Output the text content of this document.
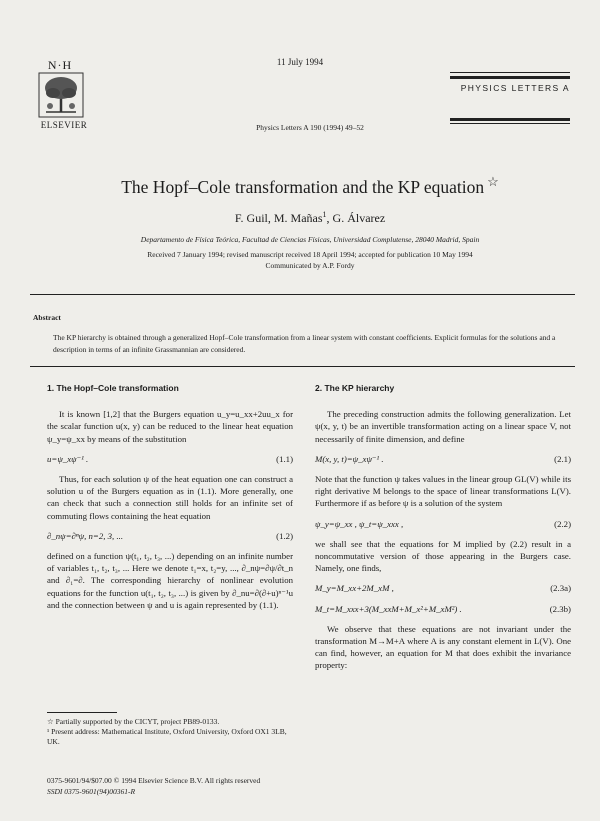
N·H
ELSEVIER
11 July 1994
PHYSICS LETTERS A
Physics Letters A 190 (1994) 49–52
The Hopf–Cole transformation and the KP equation ☆
F. Guil, M. Mañas$^1$, G. Álvarez
Departamento de Física Teórica, Facultad de Ciencias Físicas, Universidad Complutense, 28040 Madrid, Spain
Received 7 January 1994; revised manuscript received 18 April 1994; accepted for publication 10 May 1994
Communicated by A.P. Fordy
Abstract
The KP hierarchy is obtained through a generalized Hopf–Cole transformation from a linear system with constant coefficients. Explicit formulas for the solutions and a description in terms of an infinite Grassmannian are considered.
1. The Hopf–Cole transformation

It is known [1,2] that the Burgers equation u_y=u_xx+2uu_x for the scalar function u(x, y) can be reduced to the linear heat equation ψ_y=ψ_xx by means of the substitution

u=ψ_xψ⁻¹ .	(1.1)

Thus, for each solution ψ of the heat equation one can construct a solution u of the Burgers equation as in (1.1). More generally, one can check that such a connection still holds for an infinite set of commuting flows containing the heat equation

∂_nψ=∂ⁿψ, n=2, 3, ...	(1.2)

defined on a function ψ(t₁, t₂, t₃, ...) depending on an infinite number of variables t₁, t₂, t₃, ... Here we denote t₁=x, t₂=y, ..., ∂_nψ=∂ψ/∂t_n and ∂₁=∂. The corresponding hierarchy of nonlinear evolution equations for the function u(t₁, t₂, t₃, ...) is given by ∂_nu=∂(∂+u)ⁿ⁻¹u and the connection between ψ and u is again represented by (1.1).

☆ Partially supported by the CICYT, project PB89-0133.
¹ Present address: Mathematical Institute, Oxford University, Oxford OX1 3LB, UK.
0375-9601/94/$07.00 © 1994 Elsevier Science B.V. All rights reserved
SSDI 0375-9601(94)00361-R
2. The KP hierarchy

The preceding construction admits the following generalization. Let ψ(x, y, t) be an invertible transformation acting on a linear space V, not necessarily of finite dimension, and define

M(x, y, t)=ψ_xψ⁻¹ .	(2.1)

Note that the function ψ takes values in the linear group GL(V) while its right derivative M belongs to the space of linear transformations L(V). Furthermore if as before ψ is a solution of the system

ψ_y=ψ_xx , ψ_t=ψ_xxx ,	(2.2)

we shall see that the equations for M implied by (2.2) result in a noncommutative version of those appearing in the Burgers case. Namely, one finds,

M_y=M_xx+2M_xM ,	(2.3a)
M_t=M_xxx+3(M_xxM+M_x²+M_xM²) .	(2.3b)

We observe that these equations are not invariant under the transformation M→M+A where A is any constant element in L(V). One can find, however, an equation for M that does exhibit the invariance property:
